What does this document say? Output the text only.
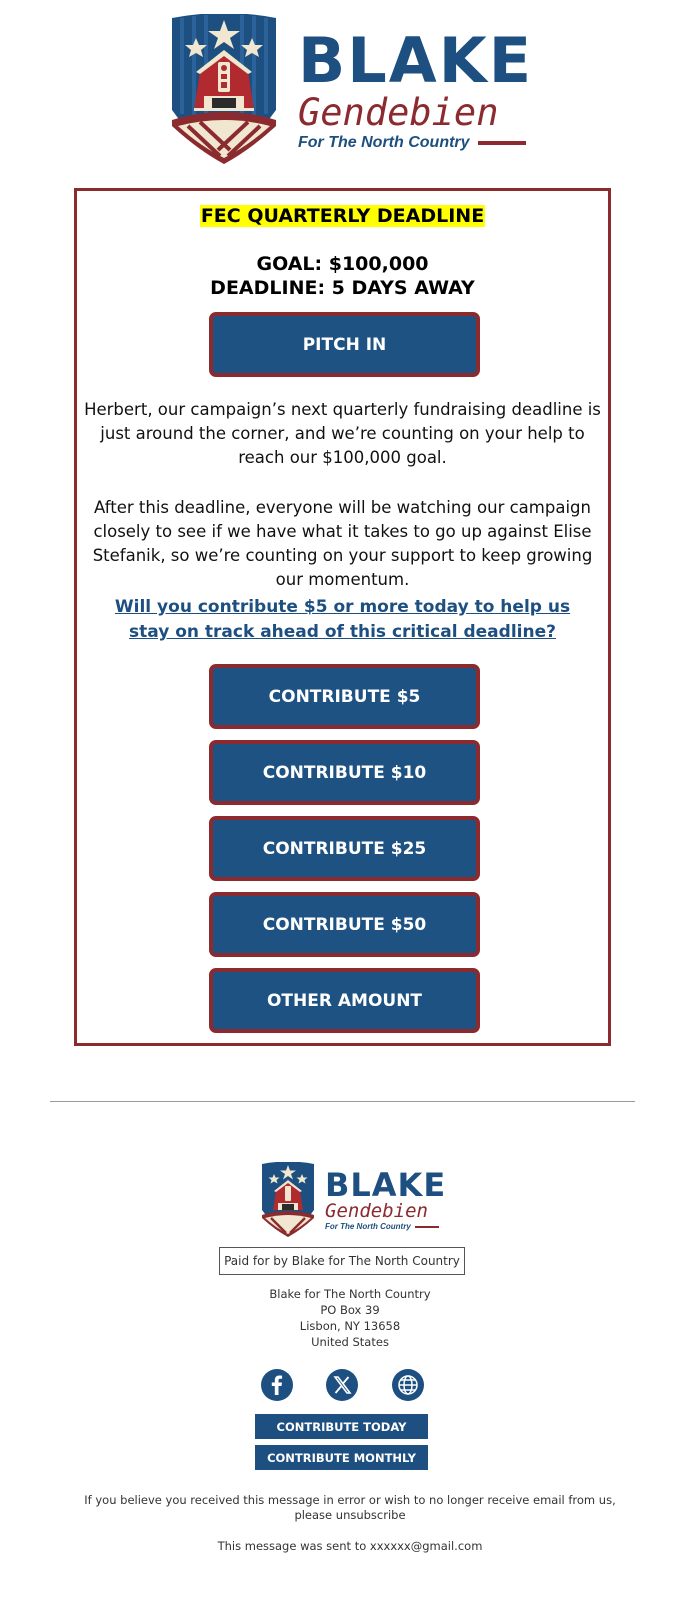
BLAKE
Gendebien
For The North Country
FEC QUARTERLY DEADLINE
GOAL: $100,000
DEADLINE: 5 DAYS AWAY
PITCH IN
Herbert, our campaign’s next quarterly fundraising deadline is just around the corner, and we’re counting on your help to reach our $100,000 goal.
After this deadline, everyone will be watching our campaign closely to see if we have what it takes to go up against Elise Stefanik, so we’re counting on your support to keep growing our momentum.
Will you contribute $5 or more today to help us stay on track ahead of this critical deadline?
CONTRIBUTE $5
CONTRIBUTE $10
CONTRIBUTE $25
CONTRIBUTE $50
OTHER AMOUNT
BLAKE
Gendebien
For The North Country
Paid for by Blake for The North Country
Blake for The North Country
PO Box 39
Lisbon, NY 13658
United States
CONTRIBUTE TODAY
CONTRIBUTE MONTHLY
If you believe you received this message in error or wish to no longer receive email from us, please unsubscribe
This message was sent to xxxxxx@gmail.com
